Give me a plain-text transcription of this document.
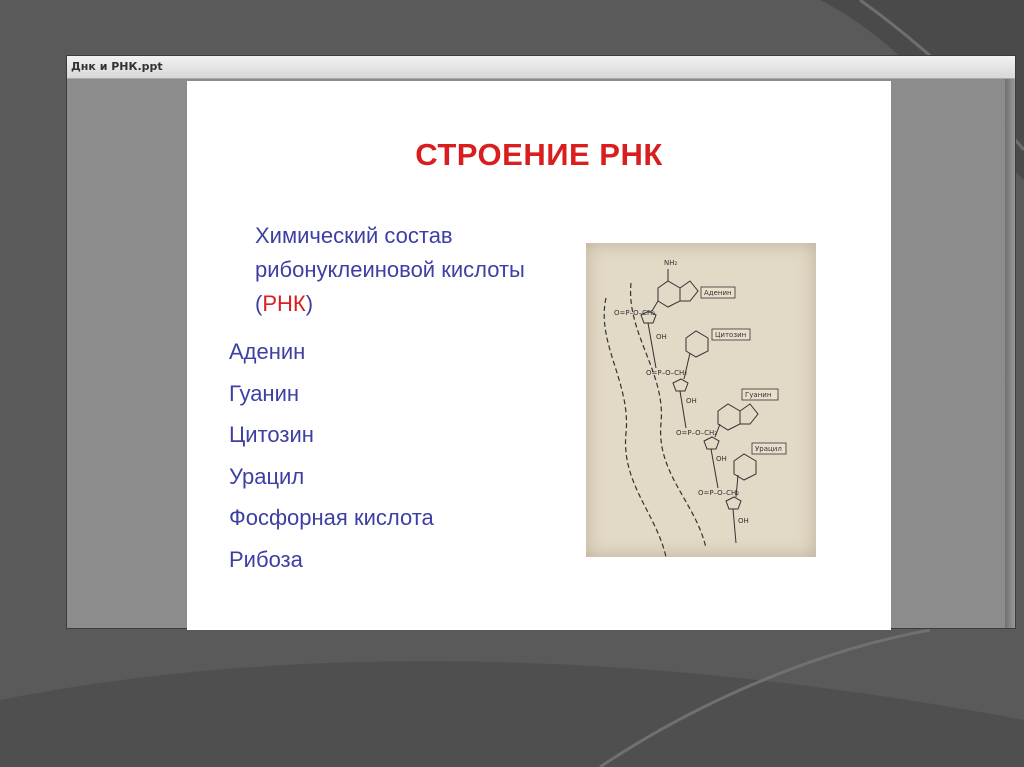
Днк и РНК.ppt
СТРОЕНИЕ РНК
Химический состав рибонуклеиновой кислоты (РНК)
Аденин
Гуанин
Цитозин
Урацил
Фосфорная кислота
Рибоза
O=P–O–CH₂
O=P–O–CH₂
O=P–O–CH₂
O=P–O–CH₂
OH
OH
OH
OH
NH₂
Аденин
Цитозин
Гуанин
Урацил
